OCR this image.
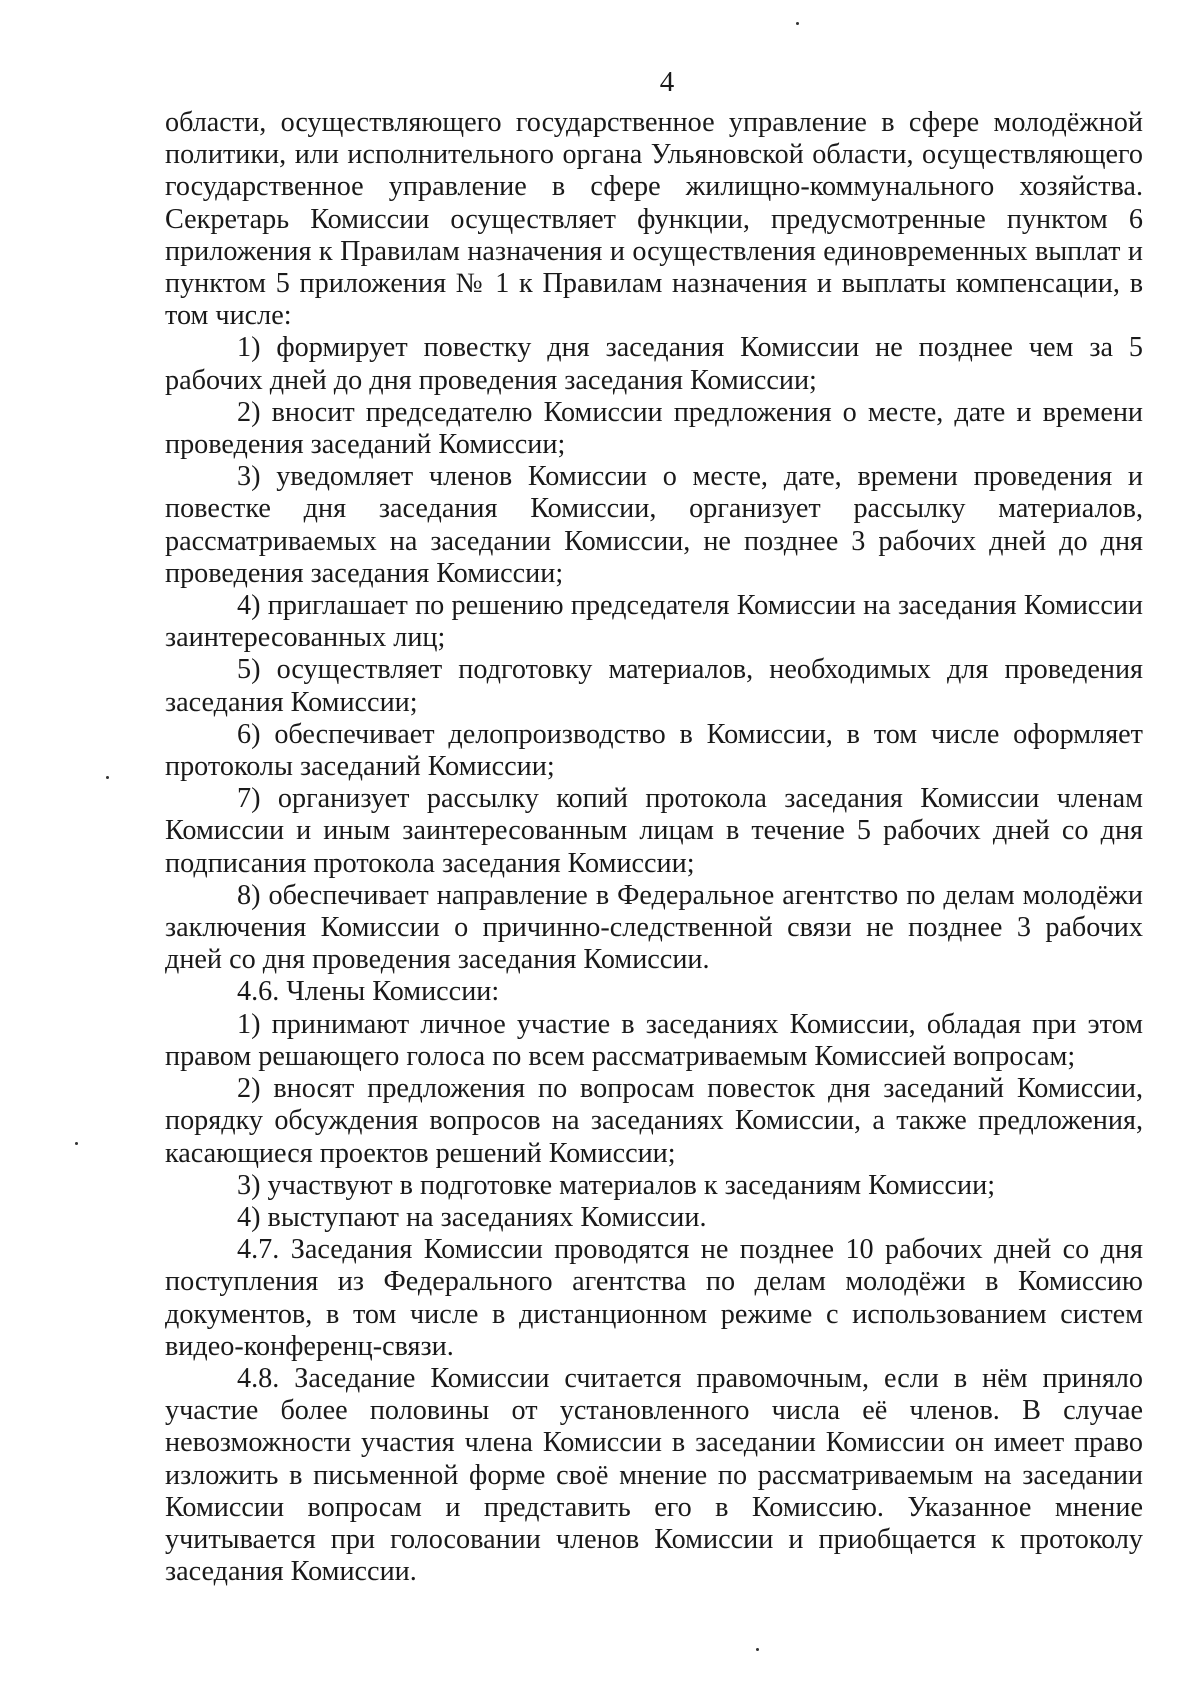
4

области, осуществляющего государственное управление в сфере молодёжной политики, или исполнительного органа Ульяновской области, осуществляющего государственное управление в сфере жилищно-коммунального хозяйства. Секретарь Комиссии осуществляет функции, предусмотренные пунктом 6 приложения к Правилам назначения и осуществления единовременных выплат и пунктом 5 приложения № 1 к Правилам назначения и выплаты компенсации, в том числе:

1) формирует повестку дня заседания Комиссии не позднее чем за 5 рабочих дней до дня проведения заседания Комиссии;

2) вносит председателю Комиссии предложения о месте, дате и времени проведения заседаний Комиссии;

3) уведомляет членов Комиссии о месте, дате, времени проведения и повестке дня заседания Комиссии, организует рассылку материалов, рассматриваемых на заседании Комиссии, не позднее 3 рабочих дней до дня проведения заседания Комиссии;

4) приглашает по решению председателя Комиссии на заседания Комиссии заинтересованных лиц;

5) осуществляет подготовку материалов, необходимых для проведения заседания Комиссии;

6) обеспечивает делопроизводство в Комиссии, в том числе оформляет протоколы заседаний Комиссии;

7) организует рассылку копий протокола заседания Комиссии членам Комиссии и иным заинтересованным лицам в течение 5 рабочих дней со дня подписания протокола заседания Комиссии;

8) обеспечивает направление в Федеральное агентство по делам молодёжи заключения Комиссии о причинно-следственной связи не позднее 3 рабочих дней со дня проведения заседания Комиссии.

4.6. Члены Комиссии:

1) принимают личное участие в заседаниях Комиссии, обладая при этом правом решающего голоса по всем рассматриваемым Комиссией вопросам;

2) вносят предложения по вопросам повесток дня заседаний Комиссии, порядку обсуждения вопросов на заседаниях Комиссии, а также предложения, касающиеся проектов решений Комиссии;

3) участвуют в подготовке материалов к заседаниям Комиссии;

4) выступают на заседаниях Комиссии.

4.7. Заседания Комиссии проводятся не позднее 10 рабочих дней со дня поступления из Федерального агентства по делам молодёжи в Комиссию документов, в том числе в дистанционном режиме с использованием систем видео-конференц-связи.

4.8. Заседание Комиссии считается правомочным, если в нём приняло участие более половины от установленного числа её членов. В случае невозможности участия члена Комиссии в заседании Комиссии он имеет право изложить в письменной форме своё мнение по рассматриваемым на заседании Комиссии вопросам и представить его в Комиссию. Указанное мнение учитывается при голосовании членов Комиссии и приобщается к протоколу заседания Комиссии.
